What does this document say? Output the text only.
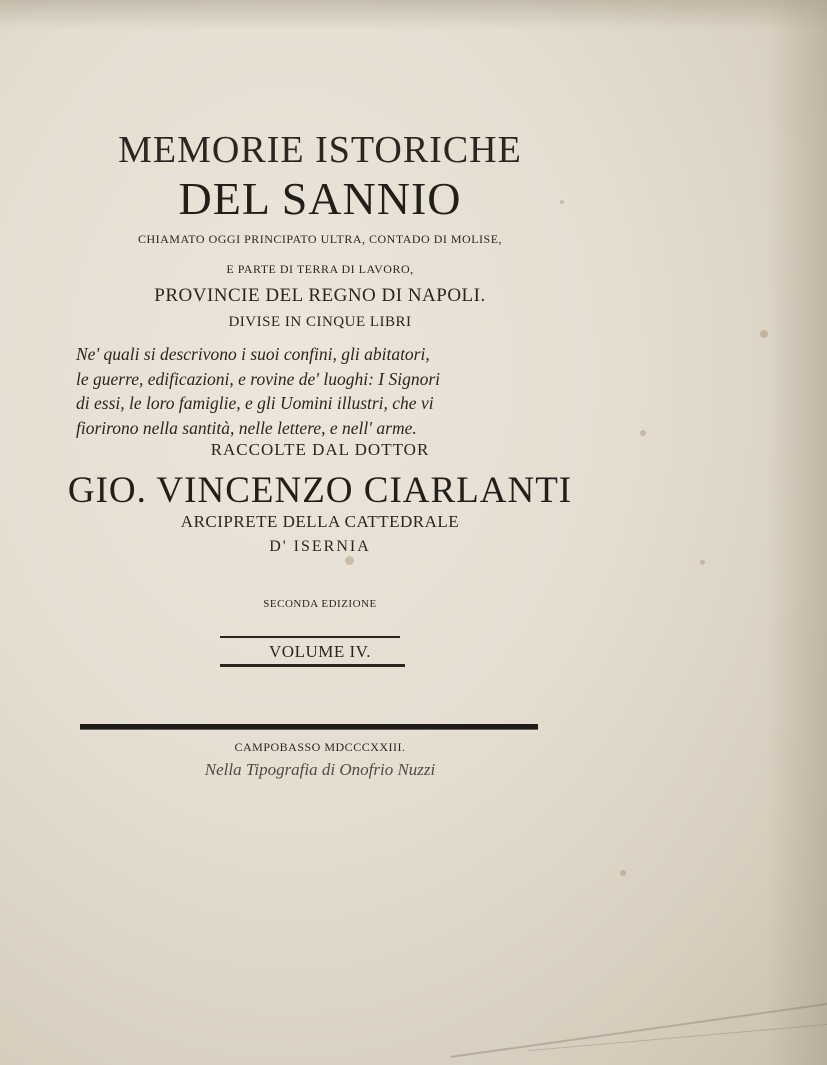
MEMORIE ISTORICHE
DEL SANNIO
CHIAMATO OGGI PRINCIPATO ULTRA, CONTADO DI MOLISE,
E PARTE DI TERRA DI LAVORO,
PROVINCIE DEL REGNO DI NAPOLI.
DIVISE IN CINQUE LIBRI
Ne' quali si descrivono i suoi confini, gli abitatori,
le guerre, edificazioni, e rovine de' luoghi: I Signori
di essi, le loro famiglie, e gli Uomini illustri, che vi
fiorirono nella santità, nelle lettere, e nell' arme.
RACCOLTE DAL DOTTOR
GIO. VINCENZO CIARLANTI
ARCIPRETE DELLA CATTEDRALE
D' ISERNIA
SECONDA EDIZIONE
VOLUME IV.
CAMPOBASSO MDCCCXXIII.
Nella Tipografia di Onofrio Nuzzi
